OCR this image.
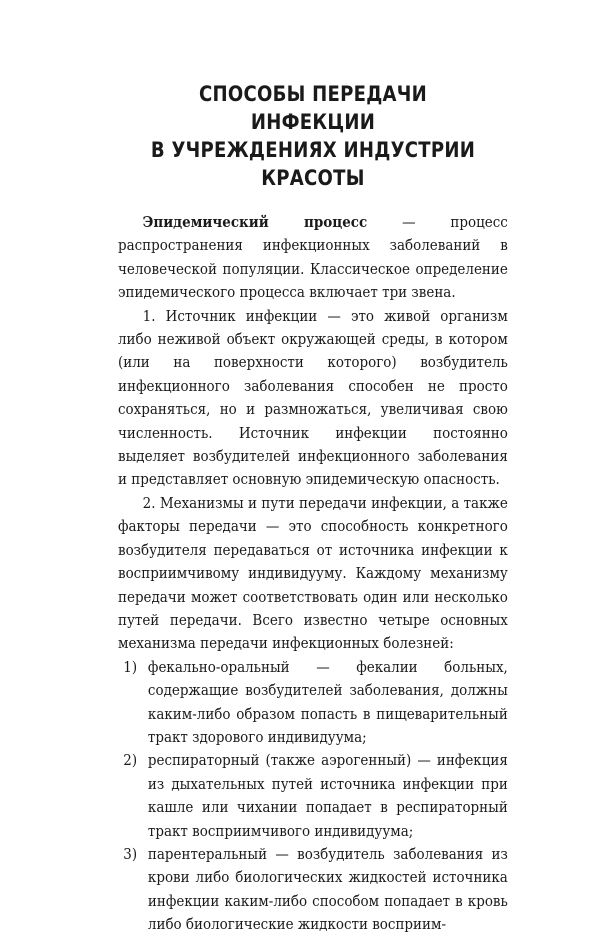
СПОСОБЫ ПЕРЕДАЧИ ИНФЕКЦИИ
В УЧРЕЖДЕНИЯХ ИНДУСТРИИ КРАСОТЫ

Эпидемический процесс — процесс распространения инфекционных заболеваний в человеческой популяции. Классическое определение эпидемического процесса включает три звена.

1. Источник инфекции — это живой организм либо неживой объект окружающей среды, в котором (или на поверхности которого) возбудитель инфекционного заболевания способен не просто сохраняться, но и размножаться, увеличивая свою численность. Источник инфекции постоянно выделяет возбудителей инфекционного заболевания и представляет основную эпидемическую опасность.

2. Механизмы и пути передачи инфекции, а также факторы передачи — это способность конкретного возбудителя передаваться от источника инфекции к восприимчивому индивидууму. Каждому механизму передачи может соответствовать один или несколько путей передачи. Всего известно четыре основных механизма передачи инфекционных болезней:

1) фекально-оральный — фекалии больных, содержащие возбудителей заболевания, должны каким-либо образом попасть в пищеварительный тракт здорового индивидуума;
2) респираторный (также аэрогенный) — инфекция из дыхательных путей источника инфекции при кашле или чихании попадает в респираторный тракт восприимчивого индивидуума;
3) парентеральный — возбудитель заболевания из крови либо биологических жидкостей источника инфекции каким-либо способом попадает в кровь либо биологические жидкости восприим-
